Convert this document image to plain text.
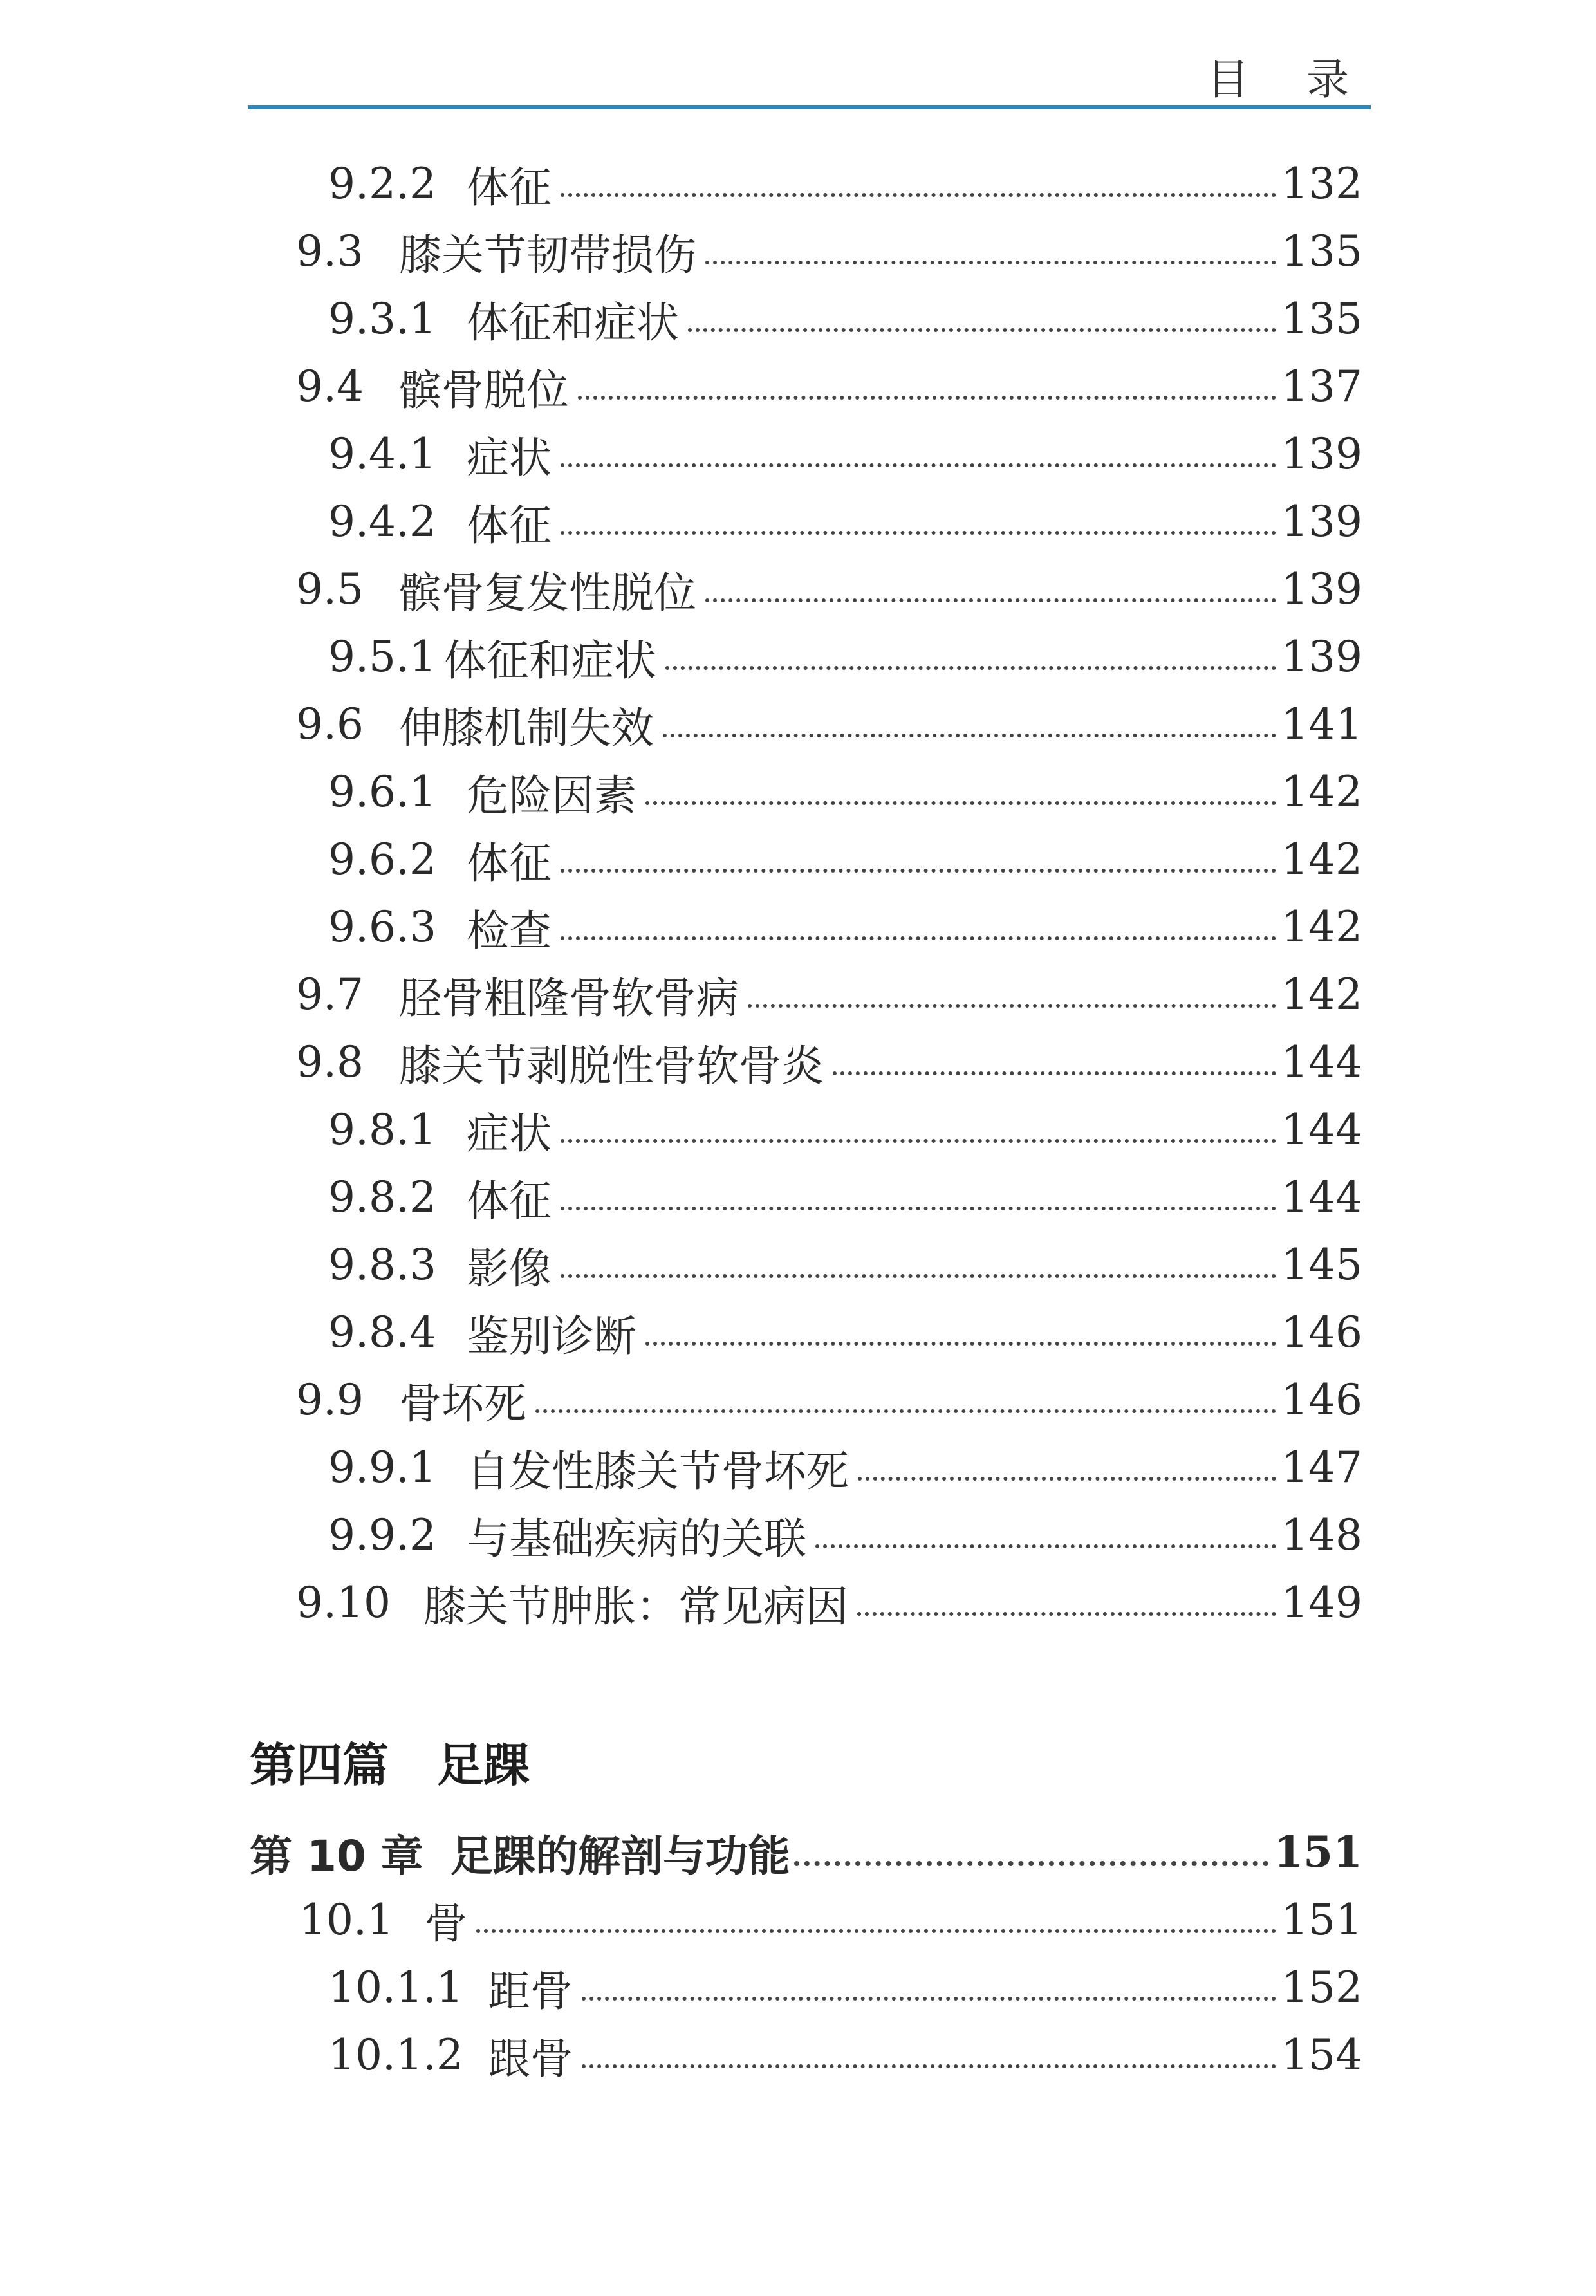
目 录
9.2.2 体征	132
9.3 膝关节韧带损伤	135
9.3.1 体征和症状	135
9.4 髌骨脱位	137
9.4.1 症状	139
9.4.2 体征	139
9.5 髌骨复发性脱位	139
9.5.1 体征和症状	139
9.6 伸膝机制失效	141
9.6.1 危险因素	142
9.6.2 体征	142
9.6.3 检查	142
9.7 胫骨粗隆骨软骨病	142
9.8 膝关节剥脱性骨软骨炎	144
9.8.1 症状	144
9.8.2 体征	144
9.8.3 影像	145
9.8.4 鉴别诊断	146
9.9 骨坏死	146
9.9.1 自发性膝关节骨坏死	147
9.9.2 与基础疾病的关联	148
9.10 膝关节肿胀：常见病因	149
第四篇 足踝
第 10 章 足踝的解剖与功能	151
10.1 骨	151
10.1.1 距骨	152
10.1.2 跟骨	154
